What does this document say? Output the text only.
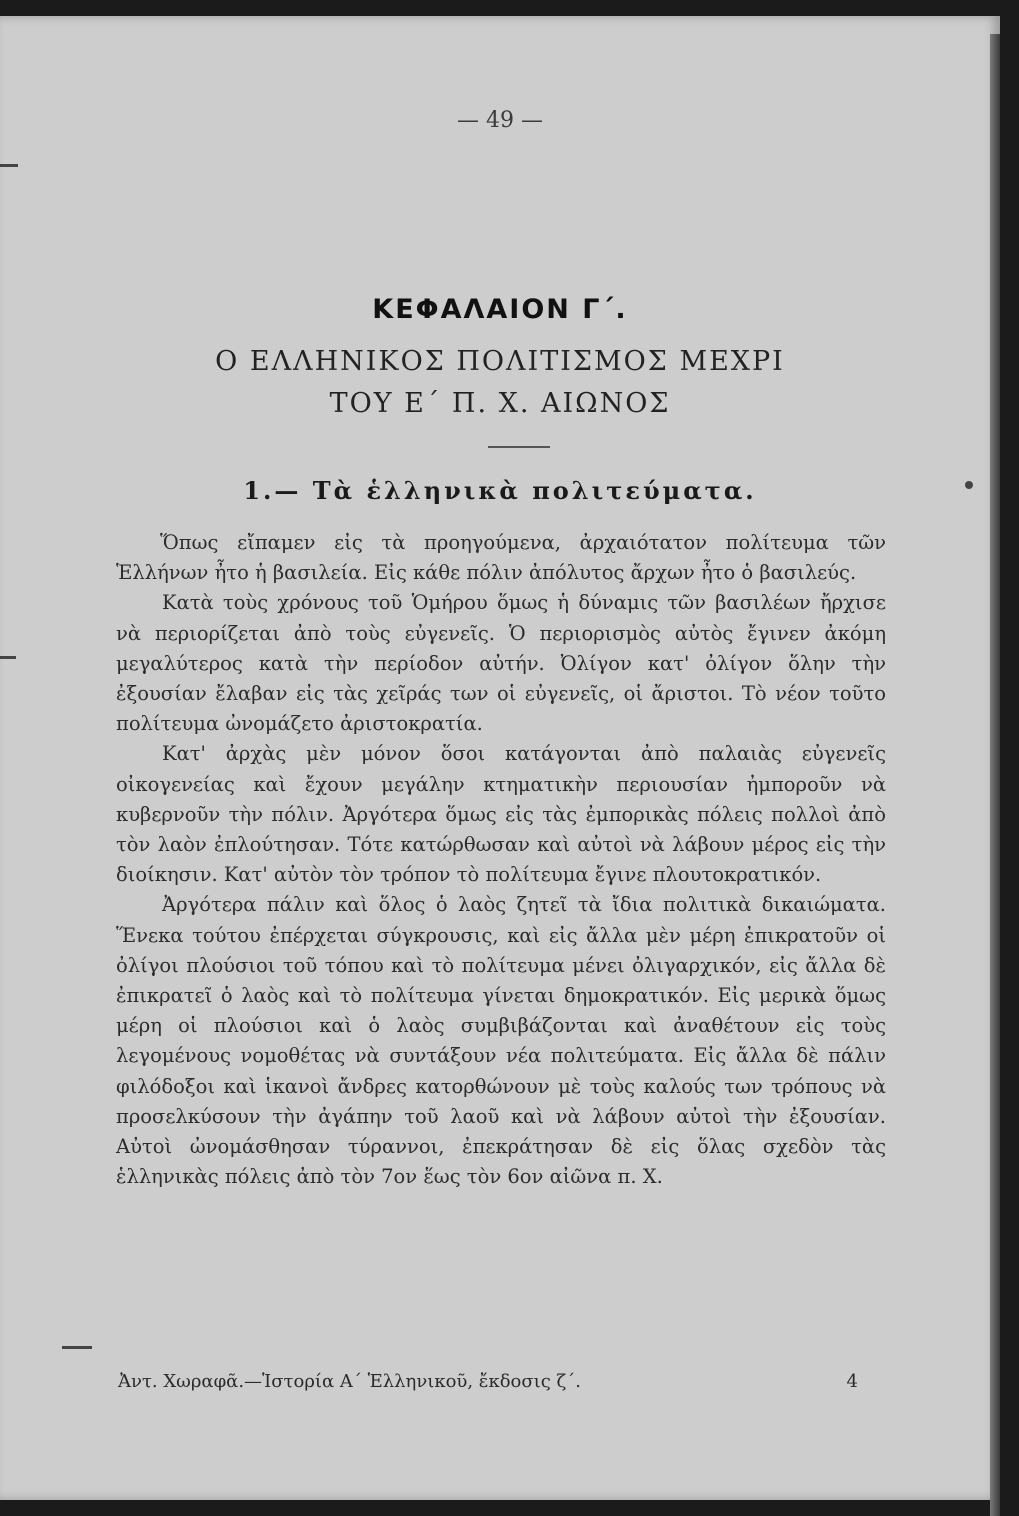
— 49 —
ΚΕΦΑΛΑΙΟΝ Γ΄.
Ο ΕΛΛΗΝΙΚΟΣ ΠΟΛΙΤΙΣΜΟΣ ΜΕΧΡΙ
ΤΟΥ Ε΄ Π. Χ. ΑΙΩΝΟΣ
1.— Τὰ ἑλληνικὰ πολιτεύματα.

Ὅπως εἴπαμεν εἰς τὰ προηγούμενα, ἀρχαιότατον πολίτευμα τῶν Ἑλλήνων ἦτο ἡ βασιλεία. Εἰς κάθε πόλιν ἀπόλυτος ἄρχων ἦτο ὁ βασιλεύς.

Κατὰ τοὺς χρόνους τοῦ Ὁμήρου ὅμως ἡ δύναμις τῶν βασιλέων ἤρχισε νὰ περιορίζεται ἀπὸ τοὺς εὐγενεῖς. Ὁ περιορισμὸς αὐτὸς ἔγινεν ἀκόμη μεγαλύτερος κατὰ τὴν περίοδον αὐτήν. Ὀλίγον κατ' ὀλίγον ὅλην τὴν ἐξουσίαν ἔλαβαν εἰς τὰς χεῖράς των οἱ εὐγενεῖς, οἱ ἄριστοι. Τὸ νέον τοῦτο πολίτευμα ὠνομάζετο ἀριστοκρατία.

Κατ' ἀρχὰς μὲν μόνον ὅσοι κατάγονται ἀπὸ παλαιὰς εὐγενεῖς οἰκογενείας καὶ ἔχουν μεγάλην κτηματικὴν περιουσίαν ἠμποροῦν νὰ κυβερνοῦν τὴν πόλιν. Ἀργότερα ὅμως εἰς τὰς ἐμπορικὰς πόλεις πολλοὶ ἀπὸ τὸν λαὸν ἐπλούτησαν. Τότε κατώρθωσαν καὶ αὐτοὶ νὰ λάβουν μέρος εἰς τὴν διοίκησιν. Κατ' αὐτὸν τὸν τρόπον τὸ πολίτευμα ἔγινε πλουτοκρατικόν.

Ἀργότερα πάλιν καὶ ὅλος ὁ λαὸς ζητεῖ τὰ ἴδια πολιτικὰ δικαιώματα. Ἕνεκα τούτου ἐπέρχεται σύγκρουσις, καὶ εἰς ἄλλα μὲν μέρη ἐπικρατοῦν οἱ ὀλίγοι πλούσιοι τοῦ τόπου καὶ τὸ πολίτευμα μένει ὀλιγαρχικόν, εἰς ἄλλα δὲ ἐπικρατεῖ ὁ λαὸς καὶ τὸ πολίτευμα γίνεται δημοκρατικόν. Εἰς μερικὰ ὅμως μέρη οἱ πλούσιοι καὶ ὁ λαὸς συμβιβάζονται καὶ ἀναθέτουν εἰς τοὺς λεγομένους νομοθέτας νὰ συντάξουν νέα πολιτεύματα. Εἰς ἄλλα δὲ πάλιν φιλόδοξοι καὶ ἱκανοὶ ἄνδρες κατορθώνουν μὲ τοὺς καλούς των τρόπους νὰ προσελκύσουν τὴν ἀγάπην τοῦ λαοῦ καὶ νὰ λάβουν αὐτοὶ τὴν ἐξουσίαν. Αὐτοὶ ὠνομάσθησαν τύραννοι, ἐπεκράτησαν δὲ εἰς ὅλας σχεδὸν τὰς ἑλληνικὰς πόλεις ἀπὸ τὸν 7ον ἕως τὸν 6ον αἰῶνα π. Χ.

Ἀντ. Χωραφᾶ.—Ἱστορία Α΄ Ἑλληνικοῦ, ἔκδοσις ζ΄.	4
